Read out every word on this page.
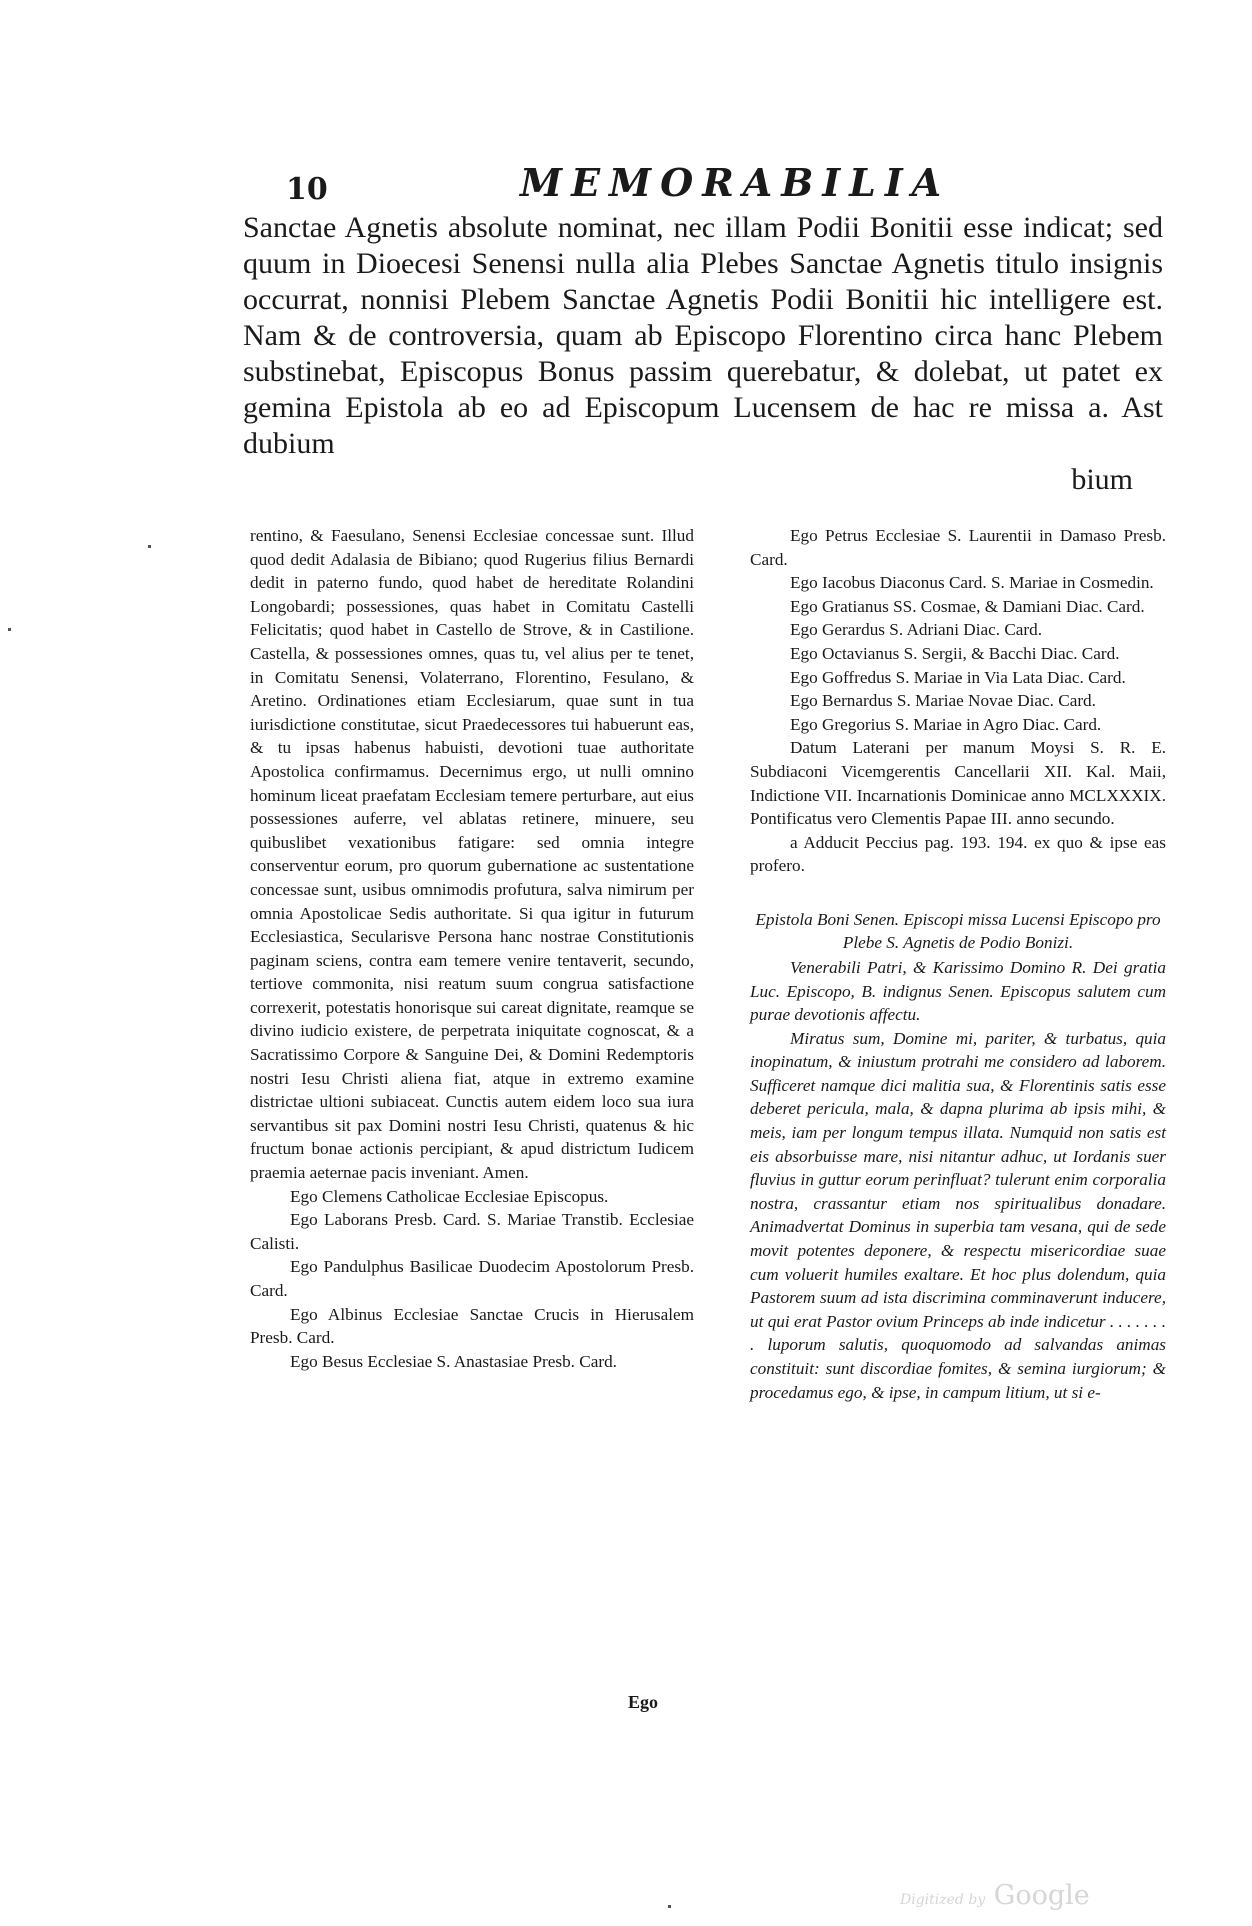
10	MEMORABILIA

Sanctae Agnetis absolute nominat, nec illam Podii Bonitii esse indicat; sed quum in Dioecesi Senensi nulla alia Plebes Sanctae Agnetis titulo insignis occurrat, nonnisi Plebem Sanctae Agnetis Podii Bonitii hic intelligere est. Nam & de controversia, quam ab Episcopo Florentino circa hanc Plebem substinebat, Episcopus Bonus passim querebatur, & dolebat, ut patet ex gemina Epistola ab eo ad Episcopum Lucensem de hac re missa a. Ast dubium

bium

rentino, & Faesulano, Senensi Ecclesiae concessae sunt. Illud quod dedit Adalasia de Bibiano; quod Rugerius filius Bernardi dedit in paterno fundo, quod habet de hereditate Rolandini Longobardi; possessiones, quas habet in Comitatu Castelli Felicitatis; quod habet in Castello de Strove, & in Castilione. Castella, & possessiones omnes, quas tu, vel alius per te tenet, in Comitatu Senensi, Volaterrano, Florentino, Fesulano, & Aretino. Ordinationes etiam Ecclesiarum, quae sunt in tua iurisdictione constitutae, sicut Praedecessores tui habuerunt eas, & tu ipsas habenus habuisti, devotioni tuae authoritate Apostolica confirmamus. Decernimus ergo, ut nulli omnino hominum liceat praefatam Ecclesiam temere perturbare, aut eius possessiones auferre, vel ablatas retinere, minuere, seu quibuslibet vexationibus fatigare: sed omnia integre conserventur eorum, pro quorum gubernatione ac sustentatione concessae sunt, usibus omnimodis profutura, salva nimirum per omnia Apostolicae Sedis authoritate. Si qua igitur in futurum Ecclesiastica, Secularisve Persona hanc nostrae Constitutionis paginam sciens, contra eam temere venire tentaverit, secundo, tertiove commonita, nisi reatum suum congrua satisfactione correxerit, potestatis honorisque sui careat dignitate, reamque se divino iudicio existere, de perpetrata iniquitate cognoscat, & a Sacratissimo Corpore & Sanguine Dei, & Domini Redemptoris nostri Iesu Christi aliena fiat, atque in extremo examine districtae ultioni subiaceat. Cunctis autem eidem loco sua iura servantibus sit pax Domini nostri Iesu Christi, quatenus & hic fructum bonae actionis percipiant, & apud districtum Iudicem praemia aeternae pacis inveniant. Amen.

Ego Clemens Catholicae Ecclesiae Episcopus.

Ego Laborans Presb. Card. S. Mariae Transtib. Ecclesiae Calisti.

Ego Pandulphus Basilicae Duodecim Apostolorum Presb. Card.

Ego Albinus Ecclesiae Sanctae Crucis in Hierusalem Presb. Card.

Ego Besus Ecclesiae S. Anastasiae Presb. Card.

Ego Petrus Ecclesiae S. Laurentii in Damaso Presb. Card.

Ego Iacobus Diaconus Card. S. Mariae in Cosmedin.

Ego Gratianus SS. Cosmae, & Damiani Diac. Card.

Ego Gerardus S. Adriani Diac. Card.

Ego Octavianus S. Sergii, & Bacchi Diac. Card.

Ego Goffredus S. Mariae in Via Lata Diac. Card.

Ego Bernardus S. Mariae Novae Diac. Card.

Ego Gregorius S. Mariae in Agro Diac. Card.

Datum Laterani per manum Moysi S. R. E. Subdiaconi Vicemgerentis Cancellarii XII. Kal. Maii, Indictione VII. Incarnationis Dominicae anno MCLXXXIX. Pontificatus vero Clementis Papae III. anno secundo.

a Adducit Peccius pag. 193. 194. ex quo & ipse eas profero.

Epistola Boni Senen. Episcopi missa Lucensi Episcopo pro Plebe S. Agnetis de Podio Bonizi.

Venerabili Patri, & Karissimo Domino R. Dei gratia Luc. Episcopo, B. indignus Senen. Episcopus salutem cum purae devotionis affectu.

Miratus sum, Domine mi, pariter, & turbatus, quia inopinatum, & iniustum protrahi me considero ad laborem. Sufficeret namque dici malitia sua, & Florentinis satis esse deberet pericula, mala, & dapna plurima ab ipsis mihi, & meis, iam per longum tempus illata. Numquid non satis est eis absorbuisse mare, nisi nitantur adhuc, ut Iordanis suer fluvius in guttur eorum perinfluat? tulerunt enim corporalia nostra, crassantur etiam nos spiritualibus donadare. Animadvertat Dominus in superbia tam vesana, qui de sede movit potentes deponere, & respectu misericordiae suae cum voluerit humiles exaltare. Et hoc plus dolendum, quia Pastorem suum ad ista discrimina comminaverunt inducere, ut qui erat Pastor ovium Princeps ab inde indicetur . . . . . . . . luporum salutis, quoquomodo ad salvandas animas constituit: sunt discordiae fomites, & semina iurgiorum; & procedamus ego, & ipse, in campum litium, ut si e-

Ego
Digitized by Google
